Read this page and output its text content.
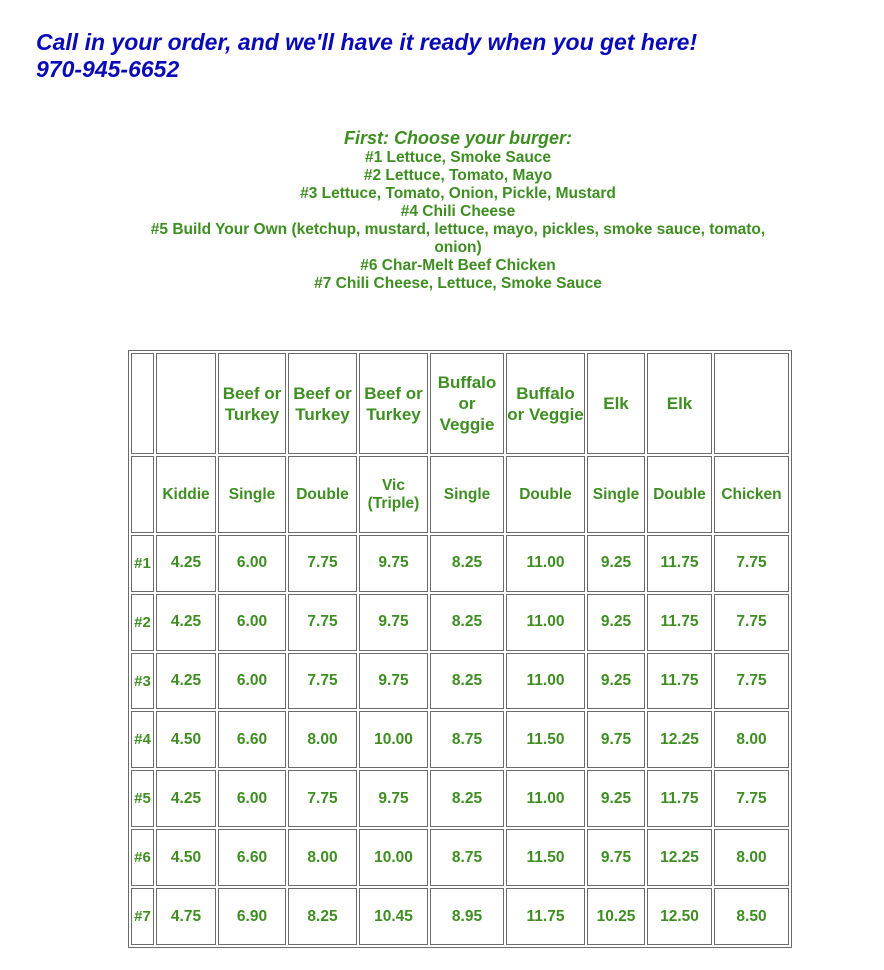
Call in your order, and we'll have it ready when you get here!
970-945-6652
First: Choose your burger:
#1 Lettuce, Smoke Sauce
#2 Lettuce, Tomato, Mayo
#3 Lettuce, Tomato, Onion, Pickle, Mustard
#4 Chili Cheese
#5 Build Your Own (ketchup, mustard, lettuce, mayo, pickles, smoke sauce, tomato, onion)
#6 Char-Melt Beef Chicken
#7 Chili Cheese, Lettuce, Smoke Sauce
		Beef or Turkey	Beef or Turkey	Beef or Turkey	Buffalo or Veggie	Buffalo or Veggie	Elk	Elk	
	Kiddie	Single	Double	Vic (Triple)	Single	Double	Single	Double	Chicken
#1	4.25	6.00	7.75	9.75	8.25	11.00	9.25	11.75	7.75
#2	4.25	6.00	7.75	9.75	8.25	11.00	9.25	11.75	7.75
#3	4.25	6.00	7.75	9.75	8.25	11.00	9.25	11.75	7.75
#4	4.50	6.60	8.00	10.00	8.75	11.50	9.75	12.25	8.00
#5	4.25	6.00	7.75	9.75	8.25	11.00	9.25	11.75	7.75
#6	4.50	6.60	8.00	10.00	8.75	11.50	9.75	12.25	8.00
#7	4.75	6.90	8.25	10.45	8.95	11.75	10.25	12.50	8.50
